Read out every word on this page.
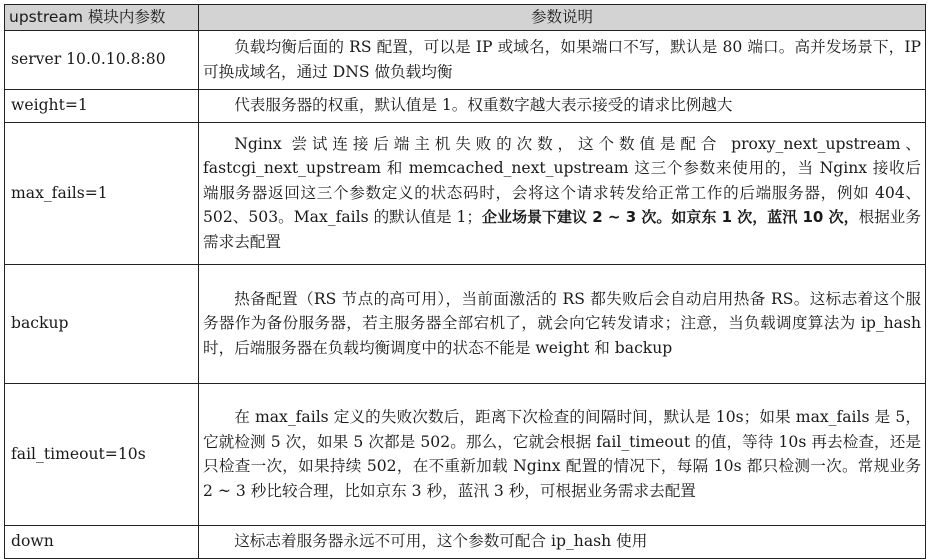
upstream 模块内参数	参数说明
server 10.0.10.8:80	负载均衡后面的 RS 配置，可以是 IP 或域名，如果端口不写，默认是 80 端口。高并发场景下，IP 可换成域名，通过 DNS 做负载均衡
weight=1	代表服务器的权重，默认值是 1。权重数字越大表示接受的请求比例越大
max_fails=1	Nginx 尝试连接后端主机失败的次数，这个数值是配合 proxy_next_upstream、fastcgi_next_upstream 和 memcached_next_upstream 这三个参数来使用的，当 Nginx 接收后端服务器返回这三个参数定义的状态码时，会将这个请求转发给正常工作的后端服务器，例如 404、502、503。Max_fails 的默认值是 1；企业场景下建议 2 ~ 3 次。如京东 1 次，蓝汛 10 次，根据业务需求去配置
backup	热备配置（RS 节点的高可用），当前面激活的 RS 都失败后会自动启用热备 RS。这标志着这个服务器作为备份服务器，若主服务器全部宕机了，就会向它转发请求；注意，当负载调度算法为 ip_hash 时，后端服务器在负载均衡调度中的状态不能是 weight 和 backup
fail_timeout=10s	在 max_fails 定义的失败次数后，距离下次检查的间隔时间，默认是 10s；如果 max_fails 是 5，它就检测 5 次，如果 5 次都是 502。那么，它就会根据 fail_timeout 的值，等待 10s 再去检查，还是只检查一次，如果持续 502，在不重新加载 Nginx 配置的情况下，每隔 10s 都只检测一次。常规业务 2 ~ 3 秒比较合理，比如京东 3 秒，蓝汛 3 秒，可根据业务需求去配置
down	这标志着服务器永远不可用，这个参数可配合 ip_hash 使用
